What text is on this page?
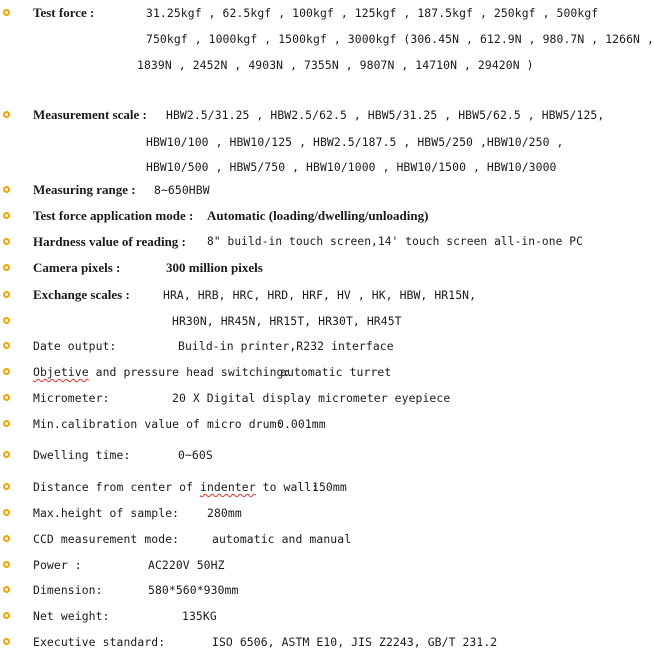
Test force :	31.25kgf , 62.5kgf , 100kgf , 125kgf , 187.5kgf , 250kgf , 500kgf
750kgf , 1000kgf , 1500kgf , 3000kgf (306.45N , 612.9N , 980.7N , 1266N ,
1839N , 2452N , 4903N , 7355N , 9807N , 14710N , 29420N )
Measurement scale : HBW2.5/31.25 , HBW2.5/62.5 , HBW5/31.25 , HBW5/62.5 , HBW5/125,
HBW10/100 , HBW10/125 , HBW2.5/187.5 , HBW5/250 ,HBW10/250 ,
HBW10/500 , HBW5/750 , HBW10/1000 , HBW10/1500 , HBW10/3000
Measuring range : 8~650HBW
Test force application mode : Automatic (loading/dwelling/unloading)
Hardness value of reading : 8" build-in touch screen,14' touch screen all-in-one PC
Camera pixels :	300 million pixels
Exchange scales :	HRA, HRB, HRC, HRD, HRF, HV , HK, HBW, HR15N,
HR30N, HR45N, HR15T, HR30T, HR45T
Date output:	Build-in printer,R232 interface
Objetive and pressure head switching:
automatic turret
Micrometer:	20 X Digital display micrometer eyepiece
Min.calibration value of micro drum:
0.001mm
Dwelling time:	0~60S
Distance from center of indenter to wall:
150mm
Max.height of sample: 280mm
CCD measurement mode:	automatic and manual
Power :	AC220V 50HZ
Dimension:	580*560*930mm
Net weight:	135KG
Executive standard:	ISO 6506, ASTM E10, JIS Z2243, GB/T 231.2
